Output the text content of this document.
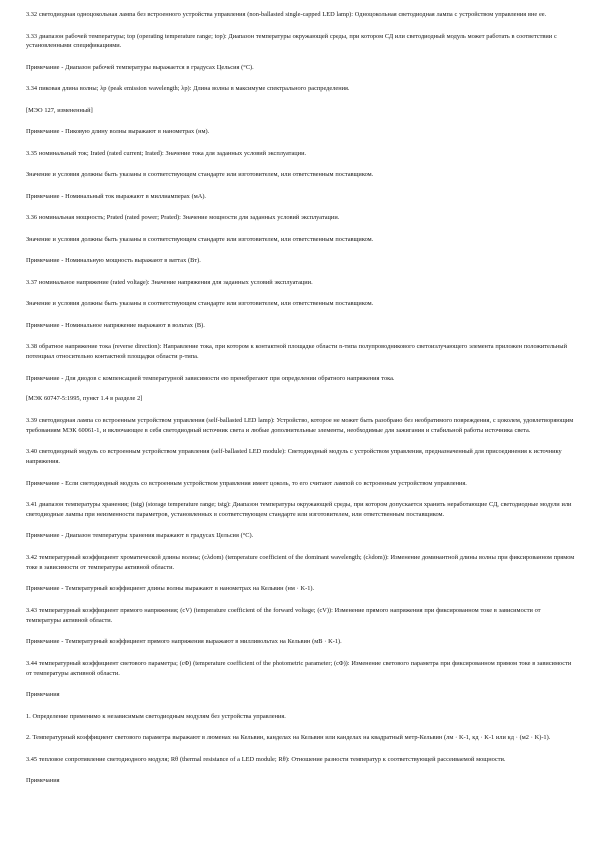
3.32 светодиодная одноцокольная лампа без встроенного устройства управления (non-ballasted single-capped LED lamp): Одноцокольная светодиодная лампа с устройством управления вне ее.

3.33 диапазон рабочей температуры; top (operating temperature range; top): Диапазон температуры окружающей среды, при котором СД или светодиодный модуль может работать в соответствии с установленными спецификациями.

Примечание - Диапазон рабочей температуры выражается в градусах Цельсия (°С).

3.34 пиковая длина волны; λp (peak emission wavelength; λp): Длина волны в максимуме спектрального распределения.

[МЭО 127, измененный]

Примечание - Пиковую длину волны выражают в нанометрах (нм).

3.35 номинальный ток; Irated (rated current; Irated): Значение тока для заданных условий эксплуатации.

Значение и условия должны быть указаны в соответствующем стандарте или изготовителем, или ответственным поставщиком.

Примечание - Номинальный ток выражают в миллиамперах (мА).

3.36 номинальная мощность; Prated (rated power; Prated): Значение мощности для заданных условий эксплуатации.

Значение и условия должны быть указаны в соответствующем стандарте или изготовителем, или ответственным поставщиком.

Примечание - Номинальную мощность выражают в ваттах (Вт).

3.37 номинальное напряжение (rated voltage): Значение напряжения для заданных условий эксплуатации.

Значение и условия должны быть указаны в соответствующем стандарте или изготовителем, или ответственным поставщиком.

Примечание - Номинальное напряжение выражают в вольтах (В).

3.38 обратное напряжение тока (reverse direction): Направление тока, при котором к контактной площадке области n-типа полупроводникового светоизлучающего элемента приложен положительный потенциал относительно контактной площадки области p-типа.

Примечание - Для диодов с компенсацией температурной зависимости ею пренебрегают при определении обратного напряжения тока.

[МЭК 60747-5:1995, пункт 1.4 в разделе 2]

3.39 светодиодная лампа со встроенным устройством управления (self-ballasted LED lamp): Устройство, которое не может быть разобрано без необратимого повреждения, с цоколем, удовлетворяющим требованиям МЭК 60061-1, и включающее в себя светодиодный источник света и любые дополнительные элементы, необходимые для зажигания и стабильной работы источника света.

3.40 светодиодный модуль со встроенным устройством управления (self-ballasted LED module): Светодиодный модуль с устройством управления, предназначенный для присоединения к источнику напряжения.

Примечание - Если светодиодный модуль со встроенным устройством управления имеет цоколь, то его считают лампой со встроенным устройством управления.

3.41 диапазон температуры хранения; (tstg) (storage temperature range; tstg): Диапазон температуры окружающей среды, при котором допускается хранить неработающие СД, светодиодные модули или светодиодные лампы при неизменности параметров, установленных в соответствующем стандарте или изготовителем, или ответственным поставщиком.

Примечание - Диапазон температуры хранения выражают в градусах Цельсия (°С).

3.42 температурный коэффициент хроматической длины волны; (cλdom) (temperature coefficient of the dominant wavelength; (cλdom)): Изменение доминантной длины волны при фиксированном прямом токе в зависимости от температуры активной области.

Примечание - Температурный коэффициент длины волны выражают в нанометрах на Кельвин (нм · K-1).

3.43 температурный коэффициент прямого напряжения; (cV) (temperature coefficient of the forward voltage; (cV)): Изменение прямого напряжения при фиксированном токе в зависимости от температуры активной области.

Примечание - Температурный коэффициент прямого напряжения выражают в милливольтах на Кельвин (мВ · K-1).

3.44 температурный коэффициент светового параметра; (cΦ) (temperature coefficient of the photometric parameter; (cΦ)): Изменение светового параметра при фиксированном прямом токе в зависимости от температуры активной области.

Примечания

1. Определение применимо к независимым светодиодным модулям без устройства управления.

2. Температурный коэффициент светового параметра выражают в люменах на Кельвин, канделах на Кельвин или канделах на квадратный метр-Кельвин (лм · K-1, кд · K-1 или кд · (м2 · K)-1).

3.45 тепловое сопротивление светодиодного модуля; Rθ (thermal resistance of a LED module; Rθ): Отношение разности температур к соответствующей рассеиваемой мощности.

Примечания
